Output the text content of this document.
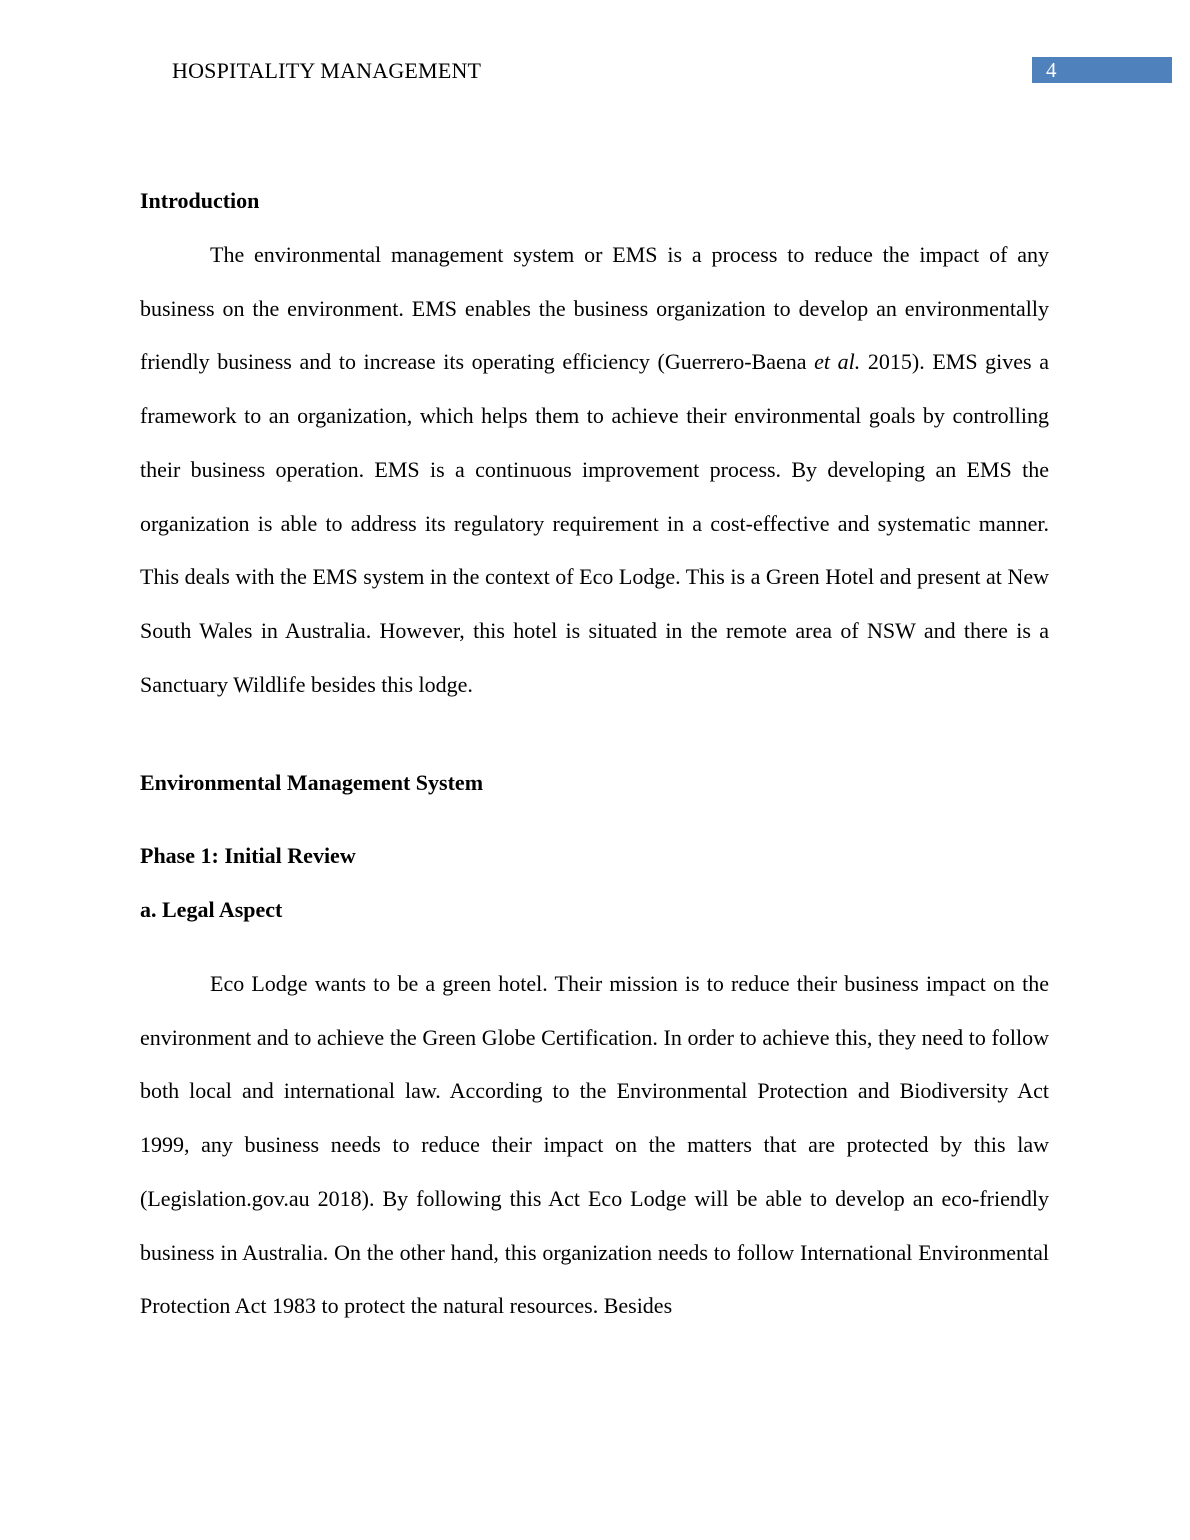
HOSPITALITY MANAGEMENT	4
Introduction

The environmental management system or EMS is a process to reduce the impact of any business on the environment. EMS enables the business organization to develop an environmentally friendly business and to increase its operating efficiency (Guerrero-Baena et al. 2015). EMS gives a framework to an organization, which helps them to achieve their environmental goals by controlling their business operation. EMS is a continuous improvement process. By developing an EMS the organization is able to address its regulatory requirement in a cost-effective and systematic manner. This deals with the EMS system in the context of Eco Lodge. This is a Green Hotel and present at New South Wales in Australia. However, this hotel is situated in the remote area of NSW and there is a Sanctuary Wildlife besides this lodge.

Environmental Management System
Phase 1: Initial Review
a. Legal Aspect

Eco Lodge wants to be a green hotel. Their mission is to reduce their business impact on the environment and to achieve the Green Globe Certification. In order to achieve this, they need to follow both local and international law. According to the Environmental Protection and Biodiversity Act 1999, any business needs to reduce their impact on the matters that are protected by this law (Legislation.gov.au 2018). By following this Act Eco Lodge will be able to develop an eco-friendly business in Australia. On the other hand, this organization needs to follow International Environmental Protection Act 1983 to protect the natural resources. Besides
